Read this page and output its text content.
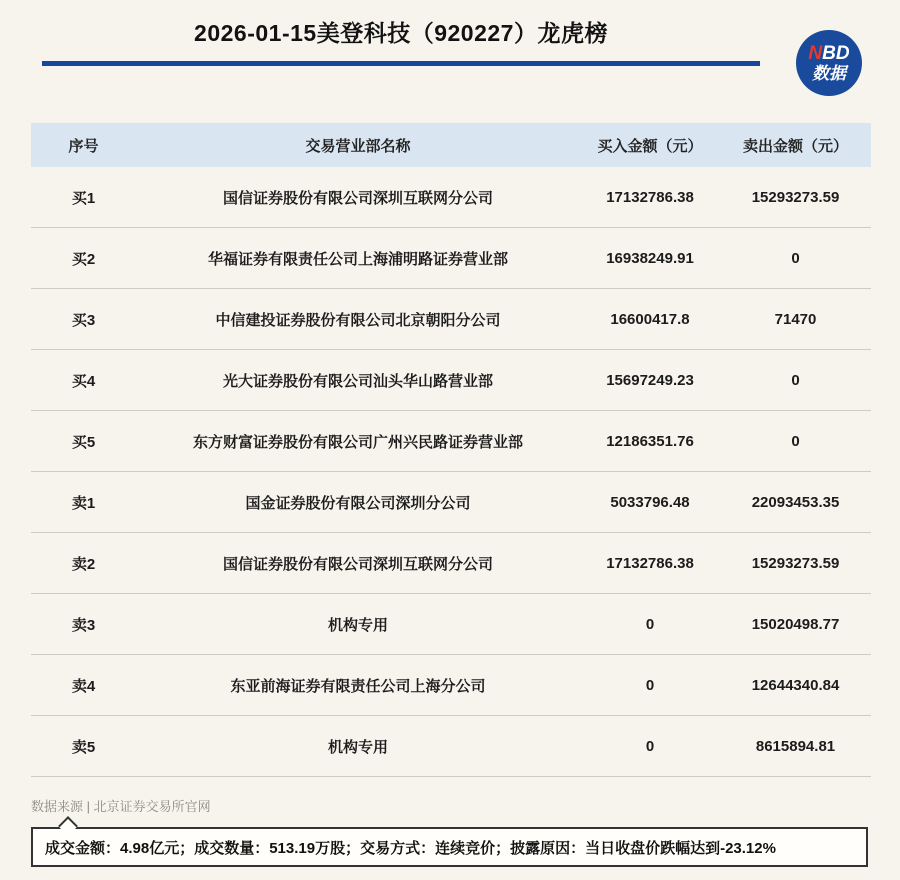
2026-01-15美登科技（920227）龙虎榜
NBD
数据
序号	交易营业部名称	买入金额（元）	卖出金额（元）
买1	国信证券股份有限公司深圳互联网分公司	17132786.38	15293273.59
买2	华福证券有限责任公司上海浦明路证券营业部	16938249.91	0
买3	中信建投证券股份有限公司北京朝阳分公司	16600417.8	71470
买4	光大证券股份有限公司汕头华山路营业部	15697249.23	0
买5	东方财富证券股份有限公司广州兴民路证券营业部	12186351.76	0
卖1	国金证券股份有限公司深圳分公司	5033796.48	22093453.35
卖2	国信证券股份有限公司深圳互联网分公司	17132786.38	15293273.59
卖3	机构专用	0	15020498.77
卖4	东亚前海证券有限责任公司上海分公司	0	12644340.84
卖5	机构专用	0	8615894.81
数据来源 | 北京证券交易所官网
成交金额：4.98亿元；成交数量：513.19万股；交易方式：连续竞价；披露原因：当日收盘价跌幅达到-23.12%
